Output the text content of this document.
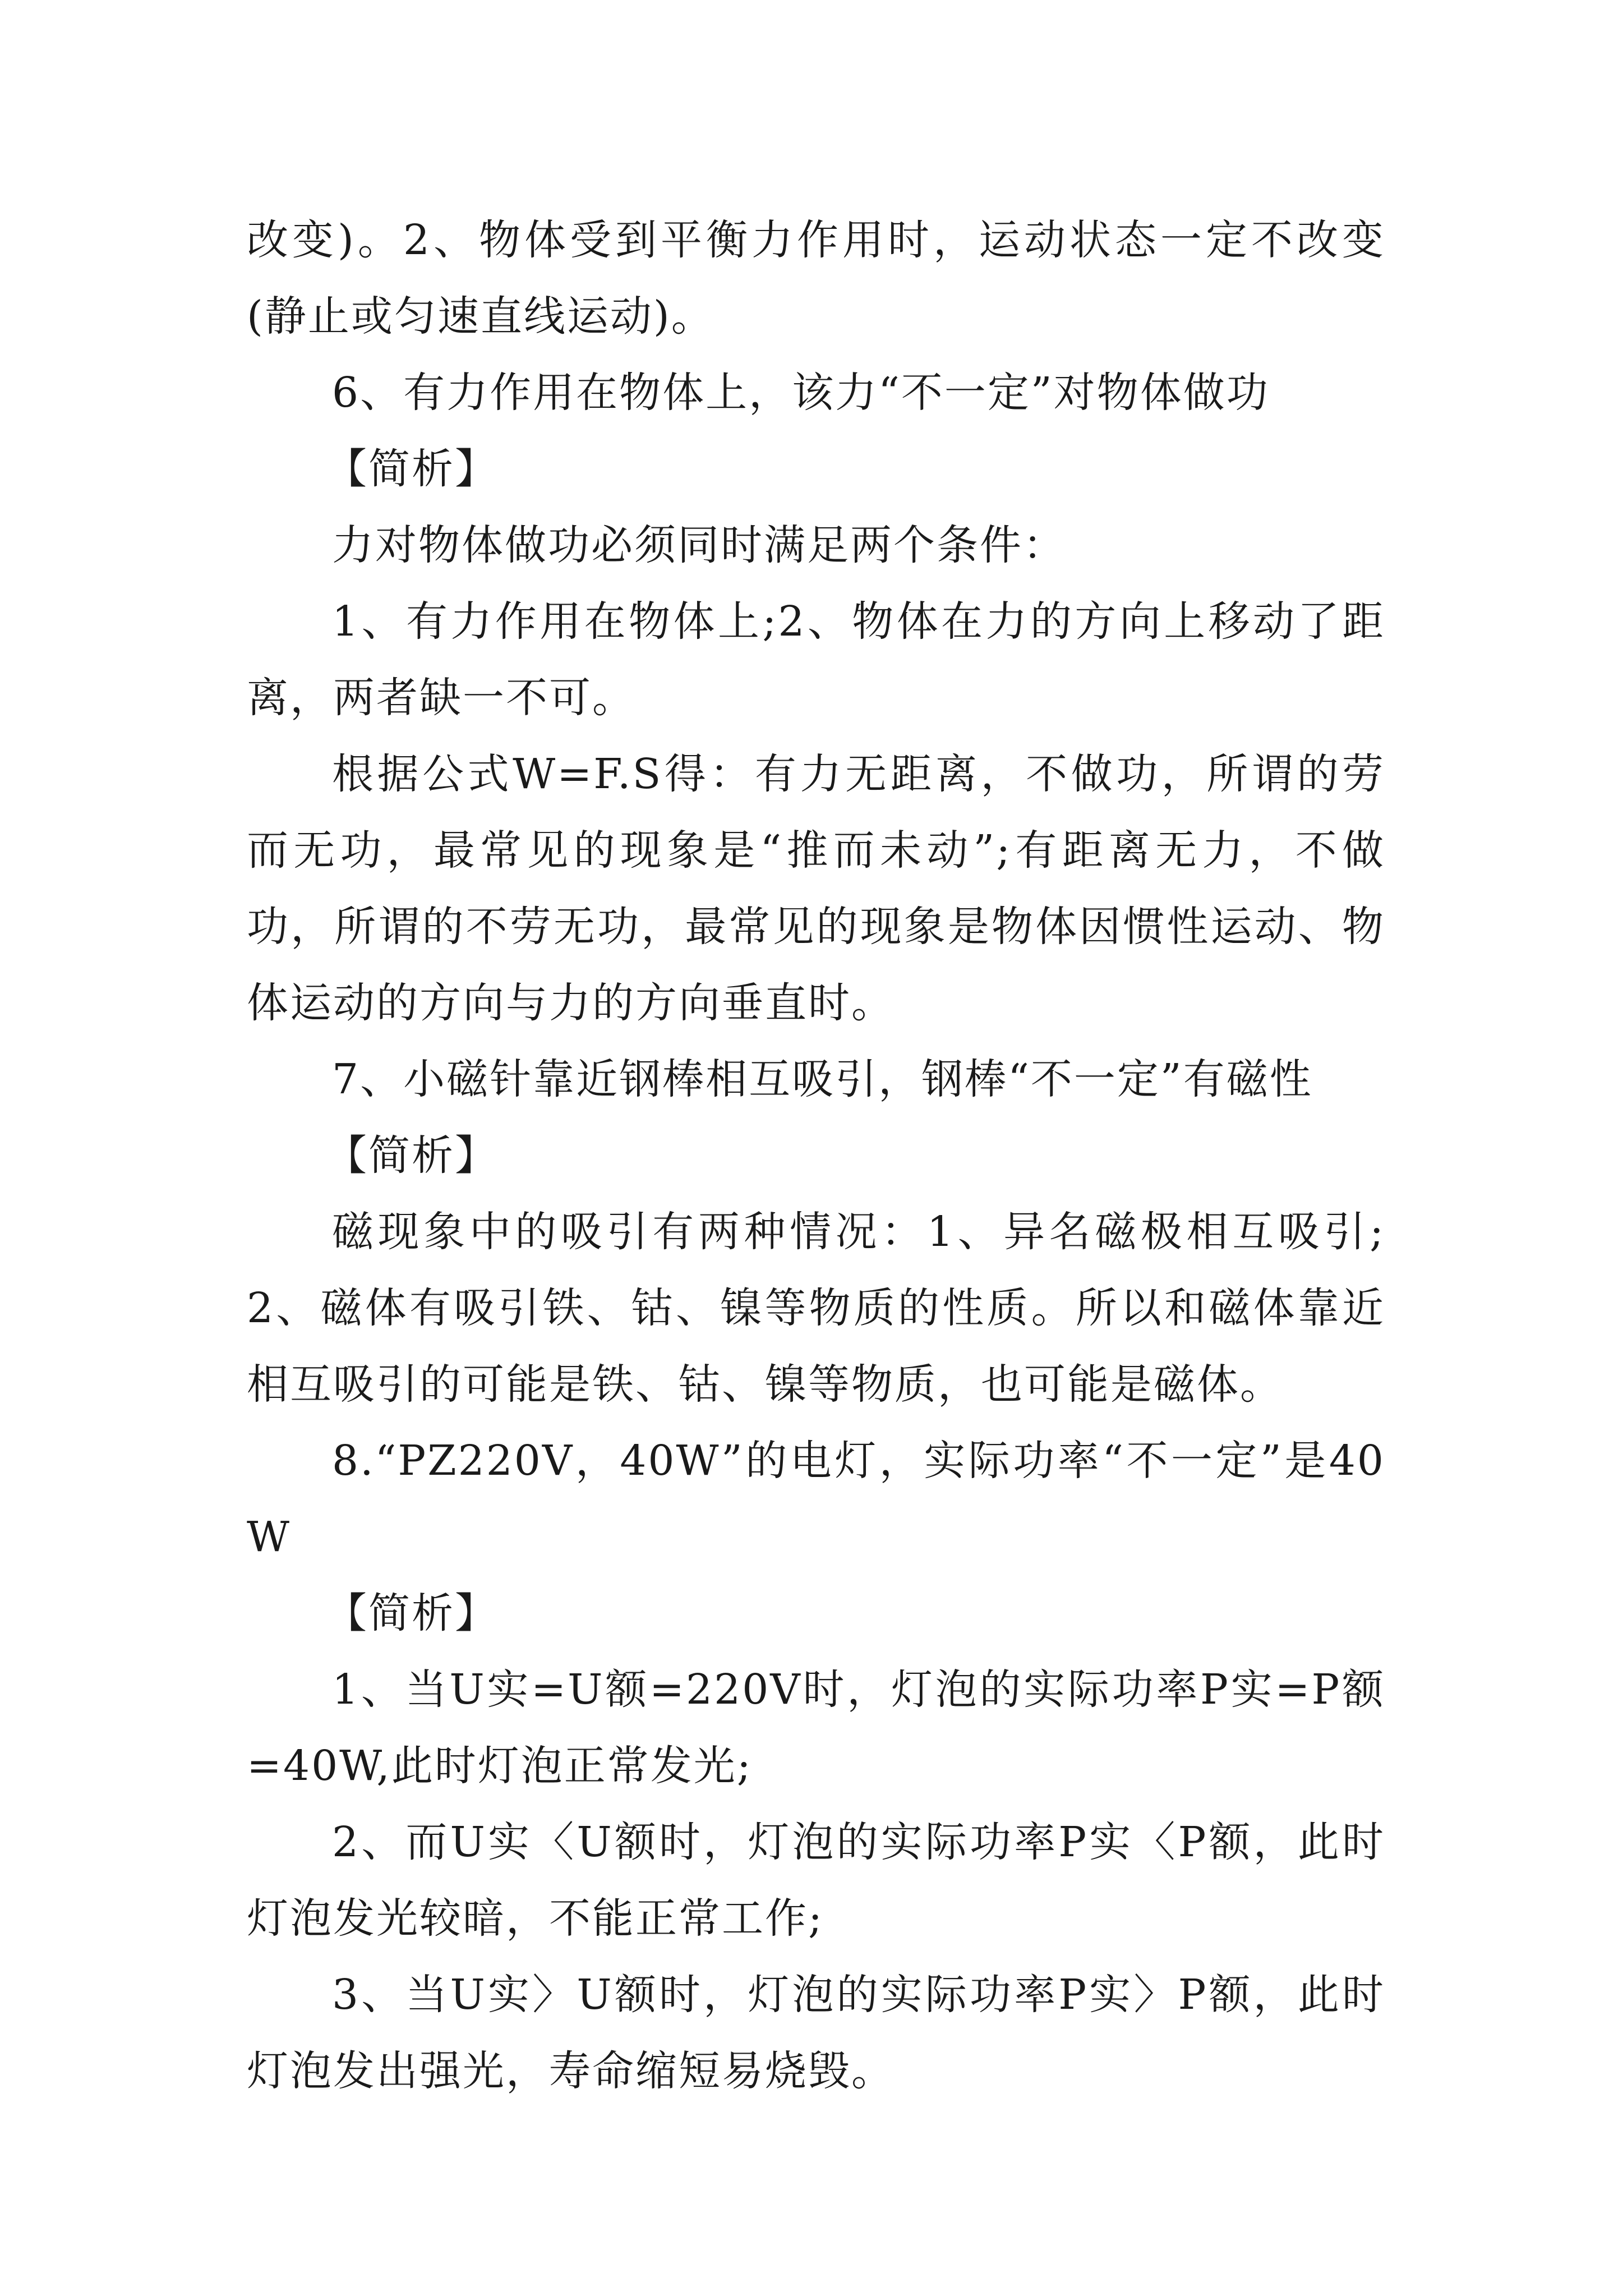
改变)。2、物体受到平衡力作用时，运动状态一定不改变(静止或匀速直线运动)。

6、有力作用在物体上，该力“不一定”对物体做功

【简析】

力对物体做功必须同时满足两个条件：

1、有力作用在物体上;2、物体在力的方向上移动了距离，两者缺一不可。

根据公式W=F.S得：有力无距离，不做功，所谓的劳而无功，最常见的现象是“推而未动”;有距离无力，不做功，所谓的不劳无功，最常见的现象是物体因惯性运动、物体运动的方向与力的方向垂直时。

7、小磁针靠近钢棒相互吸引，钢棒“不一定”有磁性

【简析】

磁现象中的吸引有两种情况：1、异名磁极相互吸引;2、磁体有吸引铁、钴、镍等物质的性质。所以和磁体靠近相互吸引的可能是铁、钴、镍等物质，也可能是磁体。

8.“PZ220V，40W”的电灯，实际功率“不一定”是40W

【简析】

1、当U实=U额=220V时，灯泡的实际功率P实=P额=40W,此时灯泡正常发光;

2、而U实〈U额时，灯泡的实际功率P实〈P额，此时灯泡发光较暗，不能正常工作;

3、当U实〉U额时，灯泡的实际功率P实〉P额，此时灯泡发出强光，寿命缩短易烧毁。
